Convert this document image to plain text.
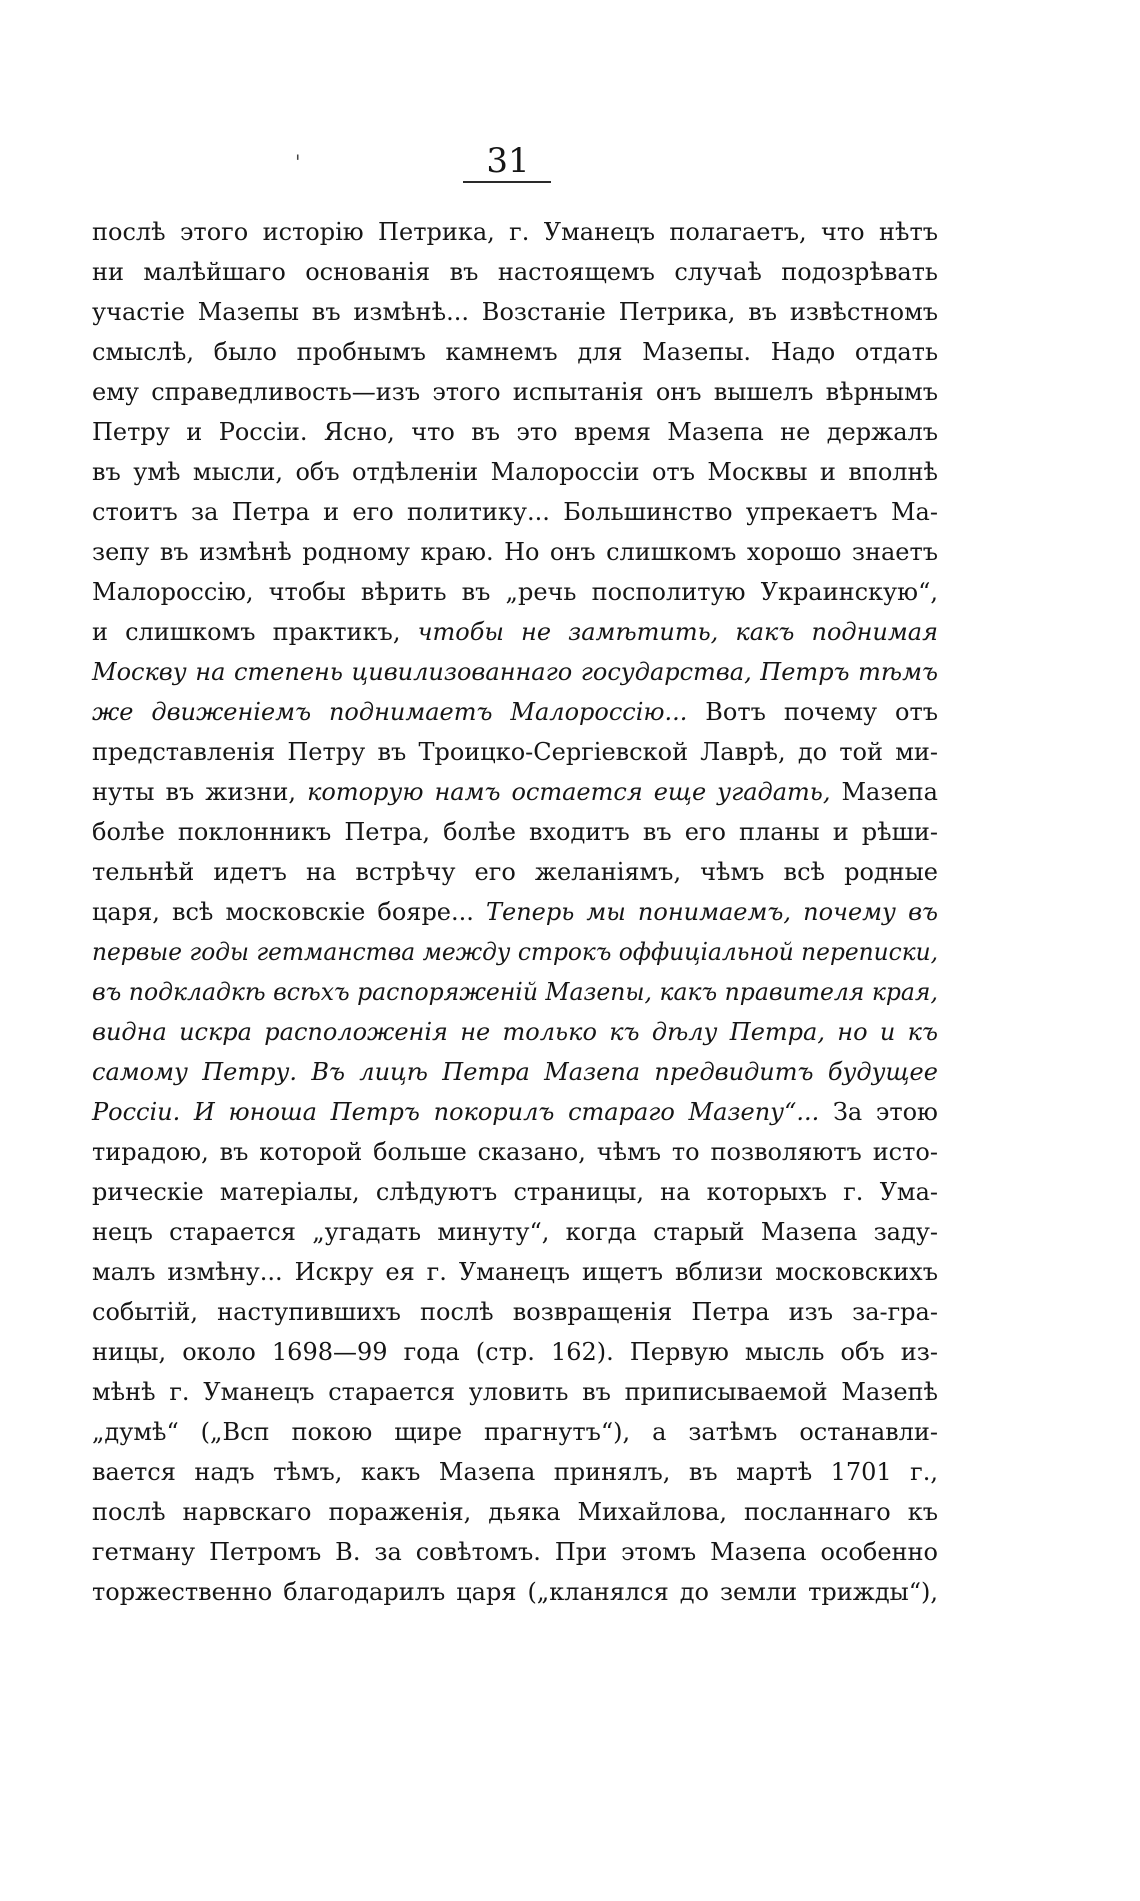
'	31
послѣ этого исторію Петрика, г. Уманецъ полагаетъ, что нѣтъ
ни малѣйшаго основанія въ настоящемъ случаѣ подозрѣвать
участіе Мазепы въ измѣнѣ... Возстаніе Петрика, въ извѣстномъ
смыслѣ, было пробнымъ камнемъ для Мазепы. Надо отдать
ему справедливость—изъ этого испытанія онъ вышелъ вѣрнымъ
Петру и Россіи. Ясно, что въ это время Мазепа не держалъ
въ умѣ мысли, объ отдѣленіи Малороссіи отъ Москвы и вполнѣ
стоитъ за Петра и его политику... Большинство упрекаетъ Ма-
зепу въ измѣнѣ родному краю. Но онъ слишкомъ хорошо знаетъ
Малороссію, чтобы вѣрить въ „речь посполитую Украинскую“,
и слишкомъ практикъ, чтобы не замѣтить, какъ поднимая
Москву на степень цивилизованнаго государства, Петръ тѣмъ
же движеніемъ поднимаетъ Малороссію... Вотъ почему отъ
представленія Петру въ Троицко-Сергіевской Лаврѣ, до той ми-
нуты въ жизни, которую намъ остается еще угадать, Мазепа
болѣе поклонникъ Петра, болѣе входитъ въ его планы и рѣши-
тельнѣй идетъ на встрѣчу его желаніямъ, чѣмъ всѣ родные
царя, всѣ московскіе бояре... Теперь мы понимаемъ, почему въ
первые годы гетманства между строкъ оффиціальной переписки,
въ подкладкѣ всѣхъ распоряженій Мазепы, какъ правителя края,
видна искра расположенія не только къ дѣлу Петра, но и къ
самому Петру. Въ лицѣ Петра Мазепа предвидитъ будущее
Россіи. И юноша Петръ покорилъ стараго Мазепу“... За этою
тирадою, въ которой больше сказано, чѣмъ то позволяютъ исто-
рическіе матеріалы, слѣдуютъ страницы, на которыхъ г. Ума-
нецъ старается „угадать минуту“, когда старый Мазепа заду-
малъ измѣну... Искру ея г. Уманецъ ищетъ вблизи московскихъ
событій, наступившихъ послѣ возвращенія Петра изъ за-гра-
ницы, около 1698—99 года (стр. 162). Первую мысль объ из-
мѣнѣ г. Уманецъ старается уловить въ приписываемой Мазепѣ
„думѣ“ („Всп покою щире прагнутъ“), а затѣмъ останавли-
вается надъ тѣмъ, какъ Мазепа принялъ, въ мартѣ 1701 г.,
послѣ нарвскаго пораженія, дьяка Михайлова, посланнаго къ
гетману Петромъ В. за совѣтомъ. При этомъ Мазепа особенно
торжественно благодарилъ царя („кланялся до земли трижды“),
